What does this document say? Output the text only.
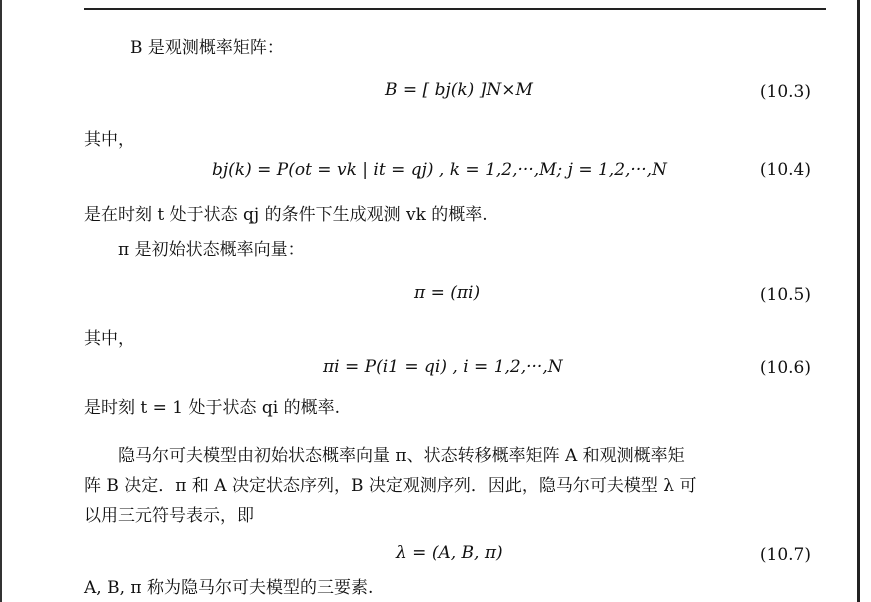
B 是观测概率矩阵：
B = [ bj(k) ]N×M	(10.3)
其中，
bj(k) = P(ot = vk | it = qj) , k = 1,2,···,M; j = 1,2,···,N	(10.4)
是在时刻 t 处于状态 qj 的条件下生成观测 vk 的概率.
π 是初始状态概率向量：
π = (πi)	(10.5)
其中，
πi = P(i1 = qi) , i = 1,2,···,N	(10.6)
是时刻 t = 1 处于状态 qi 的概率.
隐马尔可夫模型由初始状态概率向量 π、状态转移概率矩阵 A 和观测概率矩
阵 B 决定．π 和 A 决定状态序列，B 决定观测序列．因此，隐马尔可夫模型 λ 可
以用三元符号表示，即
λ = (A, B, π)	(10.7)
A, B, π 称为隐马尔可夫模型的三要素.
